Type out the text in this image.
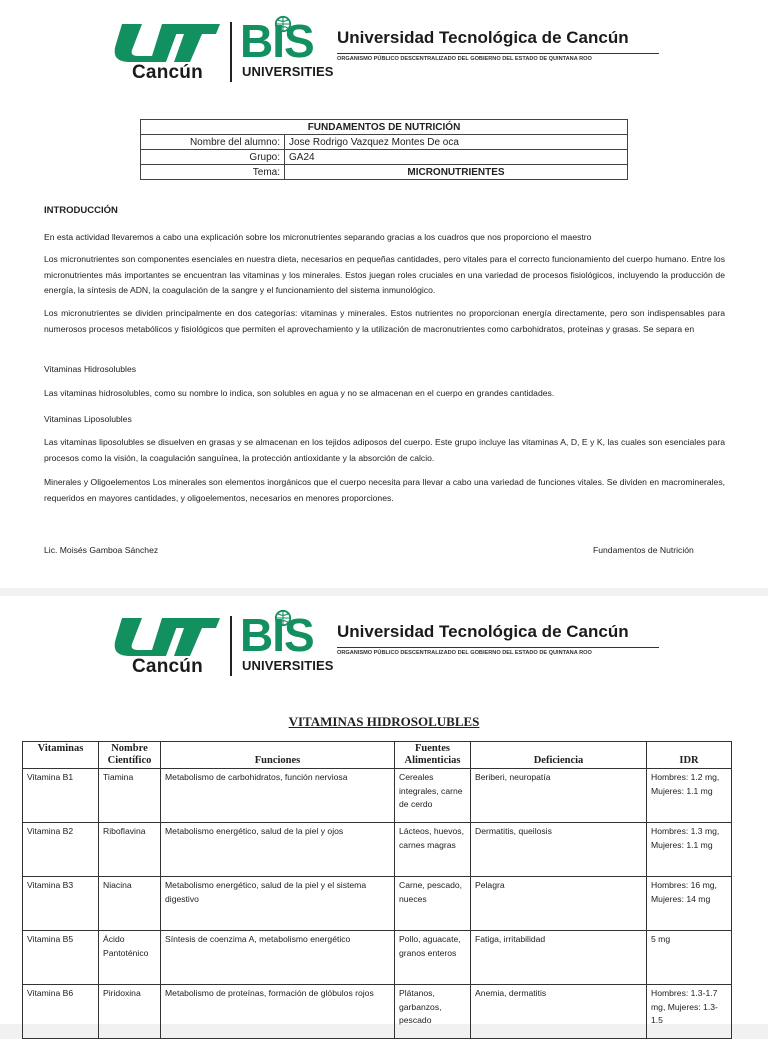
Cancún
BIS
UNIVERSITIES
Universidad Tecnológica de Cancún
ORGANISMO PÚBLICO DESCENTRALIZADO DEL GOBIERNO DEL ESTADO DE QUINTANA ROO
FUNDAMENTOS DE NUTRICIÓN	
Nombre del alumno:	Jose Rodrigo Vazquez Montes De oca
Grupo:	GA24
Tema:	MICRONUTRIENTES
INTRODUCCIÓN
En esta actividad llevaremos a cabo una explicación sobre los micronutrientes separando gracias a los cuadros que nos proporciono el maestro
Los micronutrientes son componentes esenciales en nuestra dieta, necesarios en pequeñas cantidades, pero vitales para el correcto funcionamiento del cuerpo humano. Entre los micronutrientes más importantes se encuentran las vitaminas y los minerales. Estos juegan roles cruciales en una variedad de procesos fisiológicos, incluyendo la producción de energía, la síntesis de ADN, la coagulación de la sangre y el funcionamiento del sistema inmunológico.
Los micronutrientes se dividen principalmente en dos categorías: vitaminas y minerales. Estos nutrientes no proporcionan energía directamente, pero son indispensables para numerosos procesos metabólicos y fisiológicos que permiten el aprovechamiento y la utilización de macronutrientes como carbohidratos, proteínas y grasas. Se separa en
Vitaminas Hidrosolubles
Las vitaminas hidrosolubles, como su nombre lo indica, son solubles en agua y no se almacenan en el cuerpo en grandes cantidades.
Vitaminas Liposolubles
Las vitaminas liposolubles se disuelven en grasas y se almacenan en los tejidos adiposos del cuerpo. Este grupo incluye las vitaminas A, D, E y K, las cuales son esenciales para procesos como la visión, la coagulación sanguínea, la protección antioxidante y la absorción de calcio.
Minerales y Oligoelementos Los minerales son elementos inorgánicos que el cuerpo necesita para llevar a cabo una variedad de funciones vitales. Se dividen en macrominerales, requeridos en mayores cantidades, y oligoelementos, necesarios en menores proporciones.
Lic. Moisés Gamboa Sánchez	Fundamentos de Nutrición
Cancún
BIS
UNIVERSITIES
Universidad Tecnológica de Cancún
ORGANISMO PÚBLICO DESCENTRALIZADO DEL GOBIERNO DEL ESTADO DE QUINTANA ROO
VITAMINAS HIDROSOLUBLES
Vitaminas	Nombre Científico	Funciones	Fuentes Alimenticias	Deficiencia	IDR
Vitamina B1	Tiamina	Metabolismo de carbohidratos, función nerviosa	Cereales integrales, carne de cerdo	Beriberi, neuropatía	Hombres: 1.2 mg, Mujeres: 1.1 mg
Vitamina B2	Riboflavina	Metabolismo energético, salud de la piel y ojos	Lácteos, huevos, carnes magras	Dermatitis, queilosis	Hombres: 1.3 mg, Mujeres: 1.1 mg
Vitamina B3	Niacina	Metabolismo energético, salud de la piel y el sistema digestivo	Carne, pescado, nueces	Pelagra	Hombres: 16 mg, Mujeres: 14 mg
Vitamina B5	Ácido Pantoténico	Síntesis de coenzima A, metabolismo energético	Pollo, aguacate, granos enteros	Fatiga, irritabilidad	5 mg
Vitamina B6	Piridoxina	Metabolismo de proteínas, formación de glóbulos rojos	Plátanos, garbanzos, pescado	Anemia, dermatitis	Hombres: 1.3-1.7 mg, Mujeres: 1.3-1.5
